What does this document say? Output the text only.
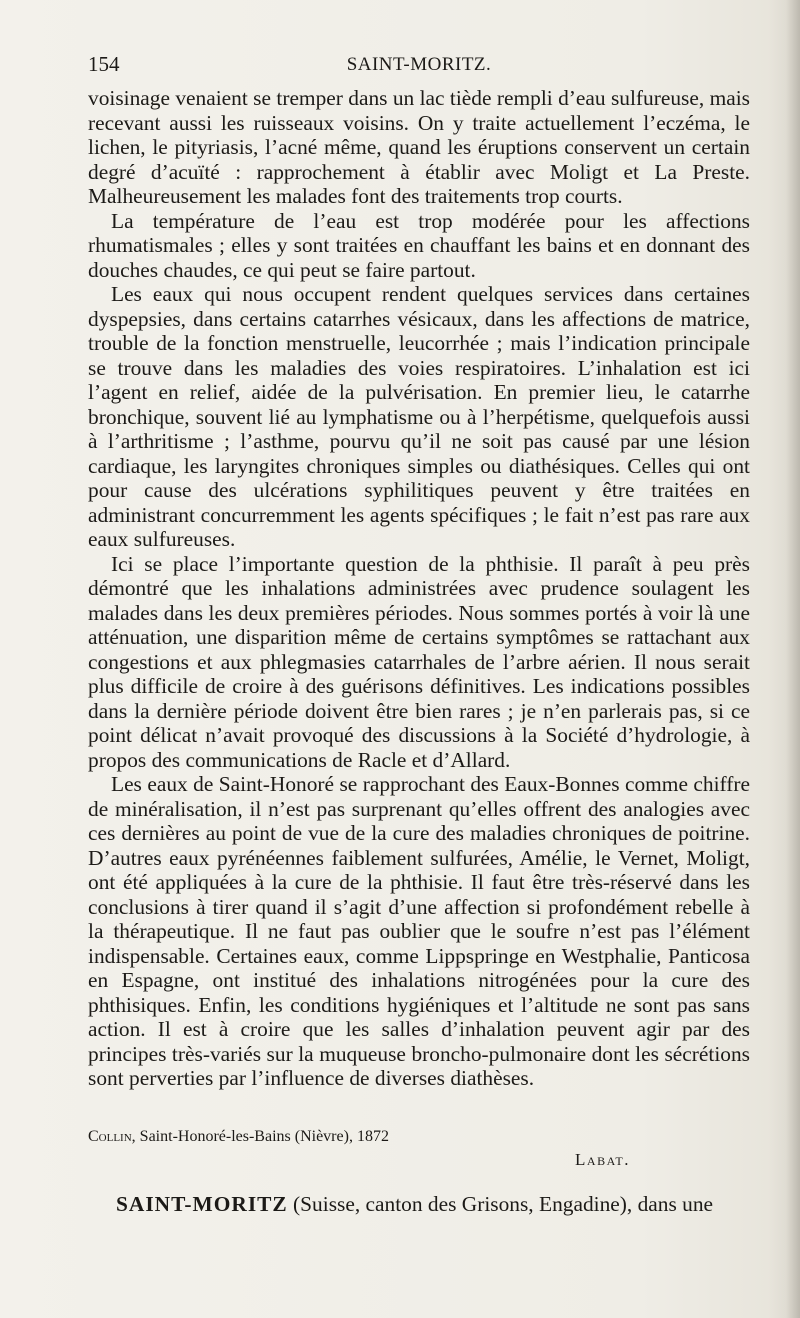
154	SAINT-MORITZ.

voisinage venaient se tremper dans un lac tiède rempli d’eau sulfureuse, mais recevant aussi les ruisseaux voisins. On y traite actuellement l’eczéma, le lichen, le pityriasis, l’acné même, quand les éruptions conservent un certain degré d’acuïté : rapprochement à établir avec Moligt et La Preste. Malheureusement les malades font des traitements trop courts.

La température de l’eau est trop modérée pour les affections rhumatismales ; elles y sont traitées en chauffant les bains et en donnant des douches chaudes, ce qui peut se faire partout.

Les eaux qui nous occupent rendent quelques services dans certaines dyspepsies, dans certains catarrhes vésicaux, dans les affections de matrice, trouble de la fonction menstruelle, leucorrhée ; mais l’indication principale se trouve dans les maladies des voies respiratoires. L’inhalation est ici l’agent en relief, aidée de la pulvérisation. En premier lieu, le catarrhe bronchique, souvent lié au lymphatisme ou à l’herpétisme, quelquefois aussi à l’arthritisme ; l’asthme, pourvu qu’il ne soit pas causé par une lésion cardiaque, les laryngites chroniques simples ou diathésiques. Celles qui ont pour cause des ulcérations syphilitiques peuvent y être traitées en administrant concurremment les agents spécifiques ; le fait n’est pas rare aux eaux sulfureuses.

Ici se place l’importante question de la phthisie. Il paraît à peu près démontré que les inhalations administrées avec prudence soulagent les malades dans les deux premières périodes. Nous sommes portés à voir là une atténuation, une disparition même de certains symptômes se rattachant aux congestions et aux phlegmasies catarrhales de l’arbre aérien. Il nous serait plus difficile de croire à des guérisons définitives. Les indications possibles dans la dernière période doivent être bien rares ; je n’en parlerais pas, si ce point délicat n’avait provoqué des discussions à la Société d’hydrologie, à propos des communications de Racle et d’Allard.

Les eaux de Saint-Honoré se rapprochant des Eaux-Bonnes comme chiffre de minéralisation, il n’est pas surprenant qu’elles offrent des analogies avec ces dernières au point de vue de la cure des maladies chroniques de poitrine. D’autres eaux pyrénéennes faiblement sulfurées, Amélie, le Vernet, Moligt, ont été appliquées à la cure de la phthisie. Il faut être très-réservé dans les conclusions à tirer quand il s’agit d’une affection si profondément rebelle à la thérapeutique. Il ne faut pas oublier que le soufre n’est pas l’élément indispensable. Certaines eaux, comme Lippspringe en Westphalie, Panticosa en Espagne, ont institué des inhalations nitrogénées pour la cure des phthisiques. Enfin, les conditions hygiéniques et l’altitude ne sont pas sans action. Il est à croire que les salles d’inhalation peuvent agir par des principes très-variés sur la muqueuse broncho-pulmonaire dont les sécrétions sont perverties par l’influence de diverses diathèses.

Collin, Saint-Honoré-les-Bains (Nièvre), 1872
Labat.
SAINT-MORITZ (Suisse, canton des Grisons, Engadine), dans une
